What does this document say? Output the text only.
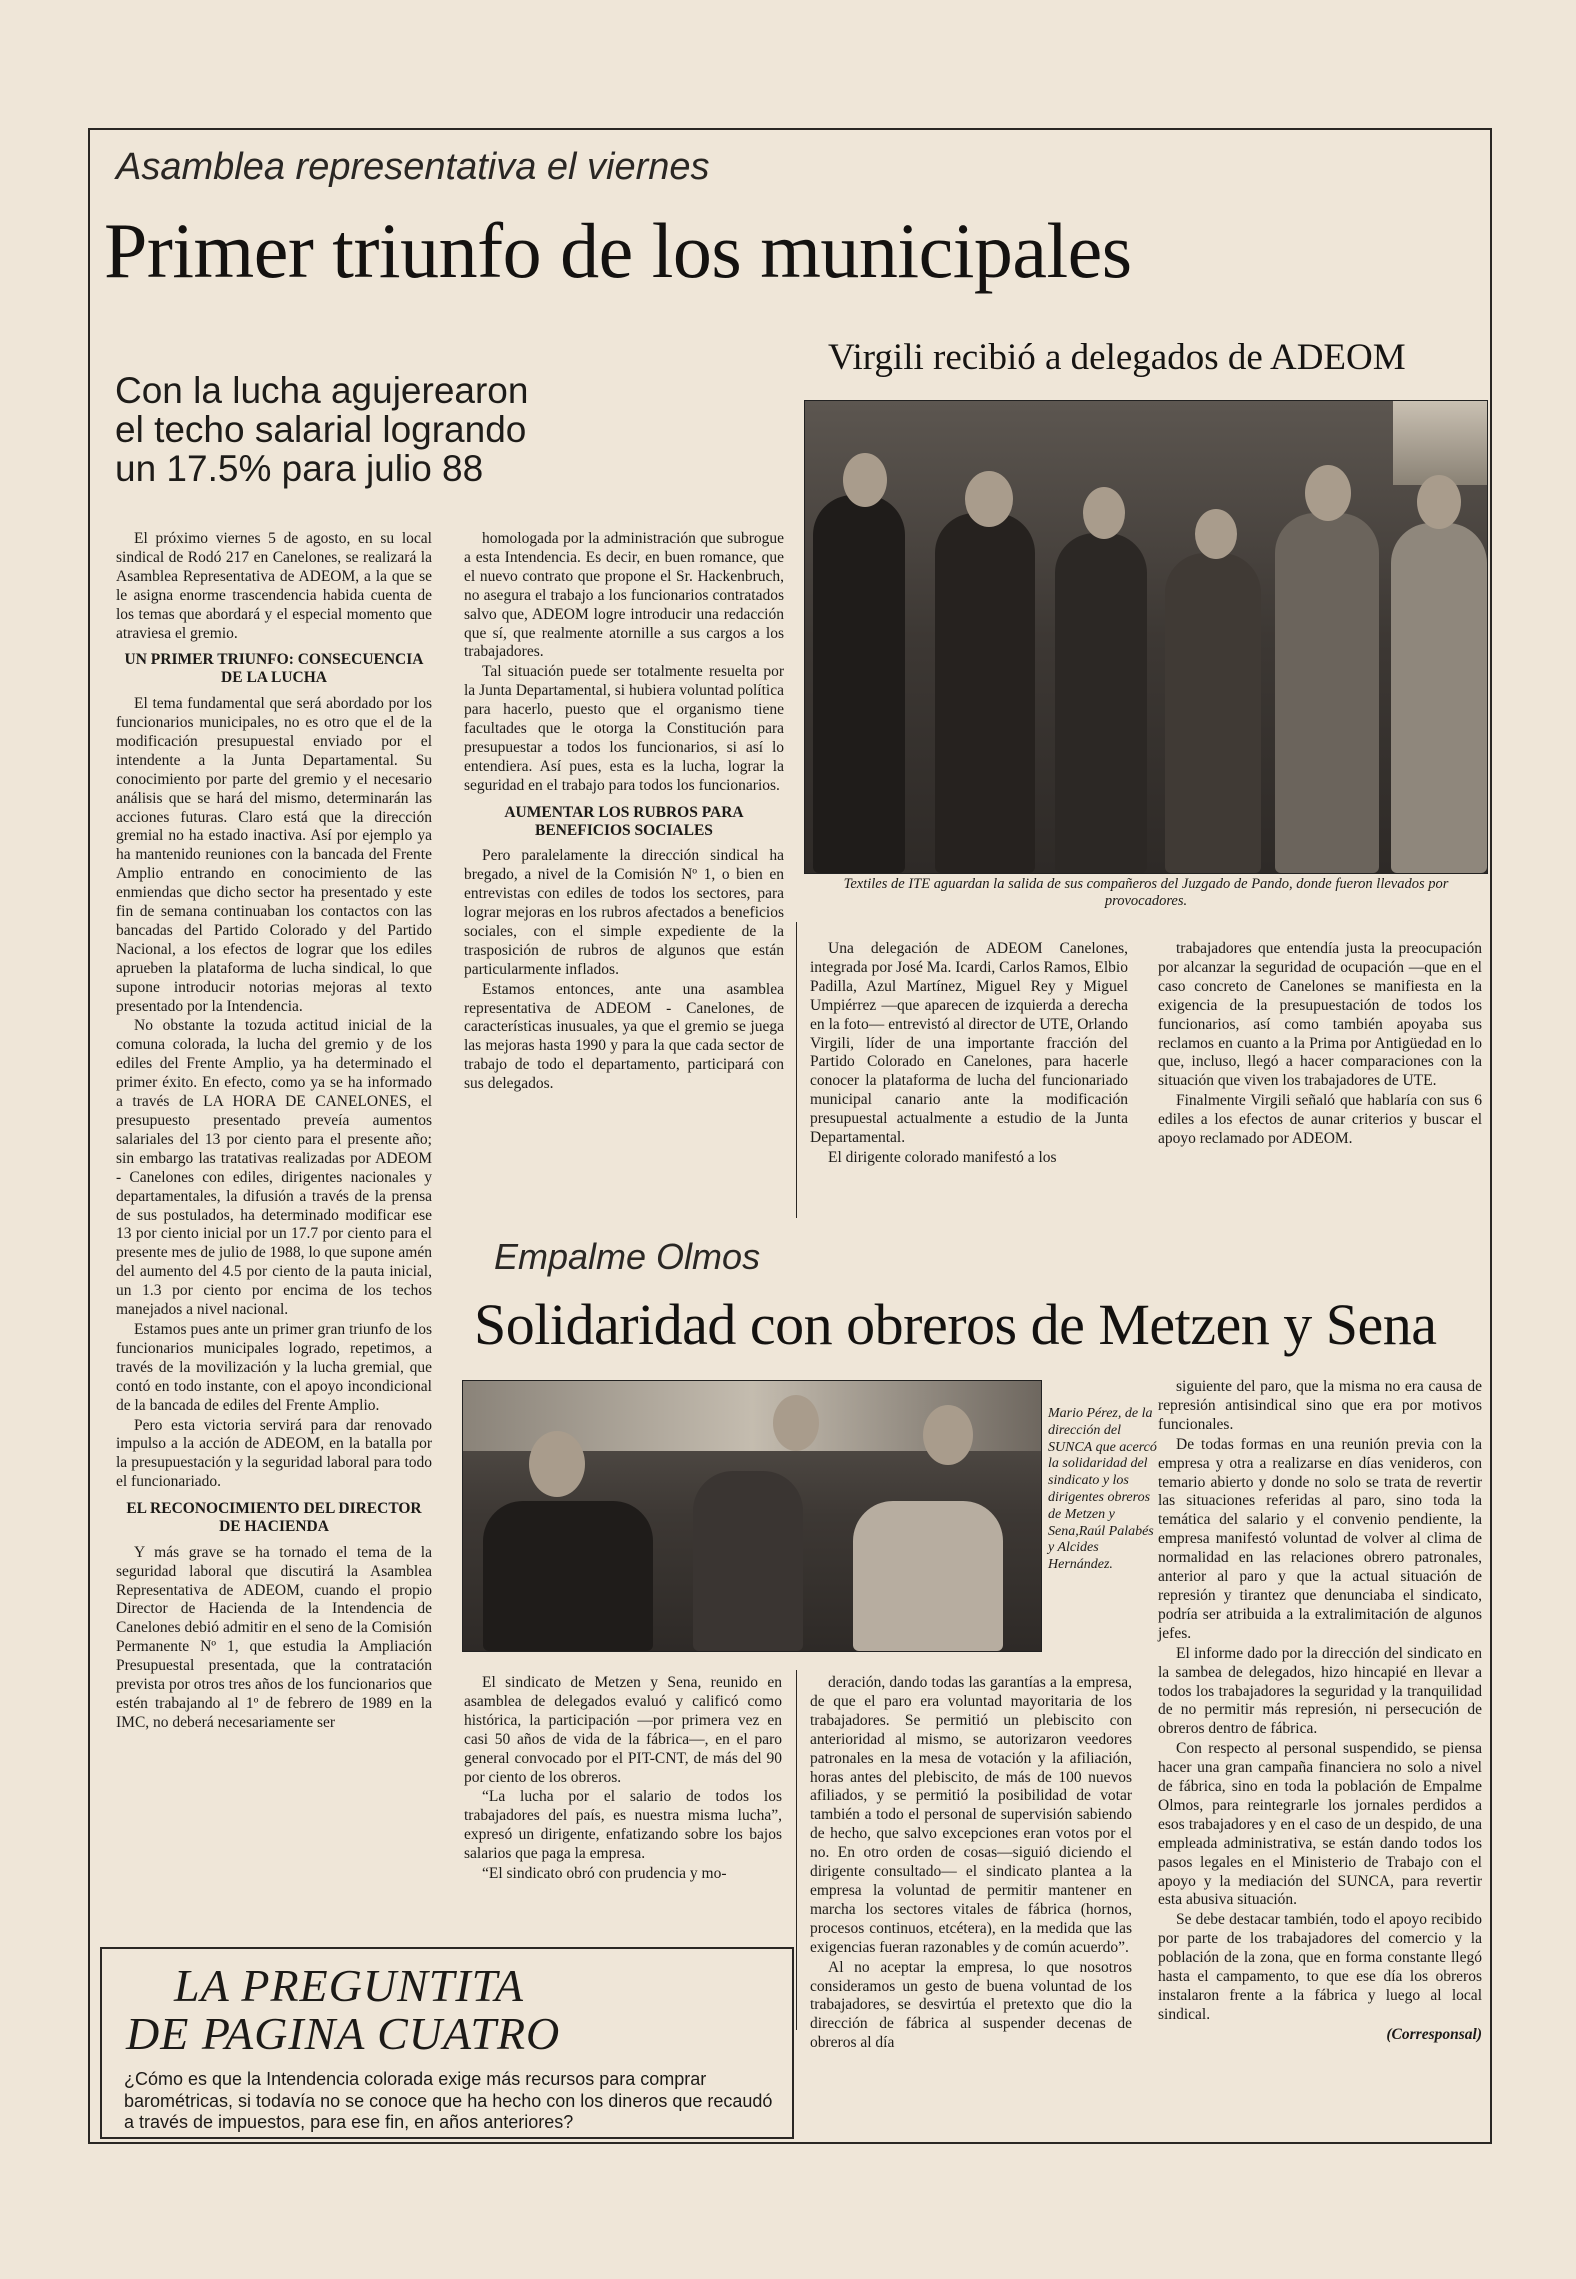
Asamblea representativa el viernes
Primer triunfo de los municipales
Con la lucha agujerearon
el techo salarial logrando
un 17.5% para julio 88
Virgili recibió a delegados de ADEOM
Textiles de ITE aguardan la salida de sus compañeros del Juzgado de Pando, donde fueron llevados por provocadores.

El próximo viernes 5 de agosto, en su local sindical de Rodó 217 en Canelones, se realizará la Asamblea Representativa de ADEOM, a la que se le asigna enorme trascendencia habida cuenta de los temas que abordará y el especial momento que atraviesa el gremio.

UN PRIMER TRIUNFO: CONSECUENCIA DE LA LUCHA

El tema fundamental que será abordado por los funcionarios municipales, no es otro que el de la modificación presupuestal enviado por el intendente a la Junta Departamental. Su conocimiento por parte del gremio y el necesario análisis que se hará del mismo, determinarán las acciones futuras. Claro está que la dirección gremial no ha estado inactiva. Así por ejemplo ya ha mantenido reuniones con la bancada del Frente Amplio entrando en conocimiento de las enmiendas que dicho sector ha presentado y este fin de semana continuaban los contactos con las bancadas del Partido Colorado y del Partido Nacional, a los efectos de lograr que los ediles aprueben la plataforma de lucha sindical, lo que supone introducir notorias mejoras al texto presentado por la Intendencia.

No obstante la tozuda actitud inicial de la comuna colorada, la lucha del gremio y de los ediles del Frente Amplio, ya ha determinado el primer éxito. En efecto, como ya se ha informado a través de LA HORA DE CANELONES, el presupuesto presentado preveía aumentos salariales del 13 por ciento para el presente año; sin embargo las tratativas realizadas por ADEOM - Canelones con ediles, dirigentes nacionales y departamentales, la difusión a través de la prensa de sus postulados, ha determinado modificar ese 13 por ciento inicial por un 17.7 por ciento para el presente mes de julio de 1988, lo que supone amén del aumento del 4.5 por ciento de la pauta inicial, un 1.3 por ciento por encima de los techos manejados a nivel nacional.

Estamos pues ante un primer gran triunfo de los funcionarios municipales logrado, repetimos, a través de la movilización y la lucha gremial, que contó en todo instante, con el apoyo incondicional de la bancada de ediles del Frente Amplio.

Pero esta victoria servirá para dar renovado impulso a la acción de ADEOM, en la batalla por la presupuestación y la seguridad laboral para todo el funcionariado.

EL RECONOCIMIENTO DEL DIRECTOR DE HACIENDA

Y más grave se ha tornado el tema de la seguridad laboral que discutirá la Asamblea Representativa de ADEOM, cuando el propio Director de Hacienda de la Intendencia de Canelones debió admitir en el seno de la Comisión Permanente Nº 1, que estudia la Ampliación Presupuestal presentada, que la contratación prevista por otros tres años de los funcionarios que estén trabajando al 1º de febrero de 1989 en la IMC, no deberá necesariamente ser

homologada por la administración que subrogue a esta Intendencia. Es decir, en buen romance, que el nuevo contrato que propone el Sr. Hackenbruch, no asegura el trabajo a los funcionarios contratados salvo que, ADEOM logre introducir una redacción que sí, que realmente atornille a sus cargos a los trabajadores.

Tal situación puede ser totalmente resuelta por la Junta Departamental, si hubiera voluntad política para hacerlo, puesto que el organismo tiene facultades que le otorga la Constitución para presupuestar a todos los funcionarios, si así lo entendiera. Así pues, esta es la lucha, lograr la seguridad en el trabajo para todos los funcionarios.

AUMENTAR LOS RUBROS PARA BENEFICIOS SOCIALES

Pero paralelamente la dirección sindical ha bregado, a nivel de la Comisión Nº 1, o bien en entrevistas con ediles de todos los sectores, para lograr mejoras en los rubros afectados a beneficios sociales, con el simple expediente de la trasposición de rubros de algunos que están particularmente inflados.

Estamos entonces, ante una asamblea representativa de ADEOM - Canelones, de características inusuales, ya que el gremio se juega las mejoras hasta 1990 y para la que cada sector de trabajo de todo el departamento, participará con sus delegados.

Una delegación de ADEOM Canelones, integrada por José Ma. Icardi, Carlos Ramos, Elbio Padilla, Azul Martínez, Miguel Rey y Miguel Umpiérrez —que aparecen de izquierda a derecha en la foto— entrevistó al director de UTE, Orlando Virgili, líder de una importante fracción del Partido Colorado en Canelones, para hacerle conocer la plataforma de lucha del funcionariado municipal canario ante la modificación presupuestal actualmente a estudio de la Junta Departamental.

El dirigente colorado manifestó a los

trabajadores que entendía justa la preocupación por alcanzar la seguridad de ocupación —que en el caso concreto de Canelones se manifiesta en la exigencia de la presupuestación de todos los funcionarios, así como también apoyaba sus reclamos en cuanto a la Prima por Antigüedad en lo que, incluso, llegó a hacer comparaciones con la situación que viven los trabajadores de UTE.

Finalmente Virgili señaló que hablaría con sus 6 ediles a los efectos de aunar criterios y buscar el apoyo reclamado por ADEOM.

Empalme Olmos
Solidaridad con obreros de Metzen y Sena
Mario Pérez, de la dirección del SUNCA que acercó la solidaridad del sindicato y los dirigentes obreros de Metzen y Sena,Raúl Palabés y Alcides Hernández.

El sindicato de Metzen y Sena, reunido en asamblea de delegados evaluó y calificó como histórica, la participación —por primera vez en casi 50 años de vida de la fábrica—, en el paro general convocado por el PIT-CNT, de más del 90 por ciento de los obreros.

“La lucha por el salario de todos los trabajadores del país, es nuestra misma lucha”, expresó un dirigente, enfatizando sobre los bajos salarios que paga la empresa.

“El sindicato obró con prudencia y mo-

deración, dando todas las garantías a la empresa, de que el paro era voluntad mayoritaria de los trabajadores. Se permitió un plebiscito con anterioridad al mismo, se autorizaron veedores patronales en la mesa de votación y la afiliación, horas antes del plebiscito, de más de 100 nuevos afiliados, y se permitió la posibilidad de votar también a todo el personal de supervisión sabiendo de hecho, que salvo excepciones eran votos por el no. En otro orden de cosas—siguió diciendo el dirigente consultado— el sindicato plantea a la empresa la voluntad de permitir mantener en marcha los sectores vitales de fábrica (hornos, procesos continuos, etcétera), en la medida que las exigencias fueran razonables y de común acuerdo”.

Al no aceptar la empresa, lo que nosotros consideramos un gesto de buena voluntad de los trabajadores, se desvirtúa el pretexto que dio la dirección de fábrica al suspender decenas de obreros al día

siguiente del paro, que la misma no era causa de represión antisindical sino que era por motivos funcionales.

De todas formas en una reunión previa con la empresa y otra a realizarse en días venideros, con temario abierto y donde no solo se trata de revertir las situaciones referidas al paro, sino toda la temática del salario y el convenio pendiente, la empresa manifestó voluntad de volver al clima de normalidad en las relaciones obrero patronales, anterior al paro y que la actual situación de represión y tirantez que denunciaba el sindicato, podría ser atribuida a la extralimitación de algunos jefes.

El informe dado por la dirección del sindicato en la sambea de delegados, hizo hincapié en llevar a todos los trabajadores la seguridad y la tranquilidad de no permitir más represión, ni persecución de obreros dentro de fábrica.

Con respecto al personal suspendido, se piensa hacer una gran campaña financiera no solo a nivel de fábrica, sino en toda la población de Empalme Olmos, para reintegrarle los jornales perdidos a esos trabajadores y en el caso de un despido, de una empleada administrativa, se están dando todos los pasos legales en el Ministerio de Trabajo con el apoyo y la mediación del SUNCA, para revertir esta abusiva situación.

Se debe destacar también, todo el apoyo recibido por parte de los trabajadores del comercio y la población de la zona, que en forma constante llegó hasta el campamento, to que ese día los obreros instalaron frente a la fábrica y luego al local sindical.

(Corresponsal)
LA PREGUNTITA
DE PAGINA CUATRO
¿Cómo es que la Intendencia colorada exige más recursos para comprar barométricas, si todavía no se conoce que ha hecho con los dineros que recaudó a través de impuestos, para ese fin, en años anteriores?
